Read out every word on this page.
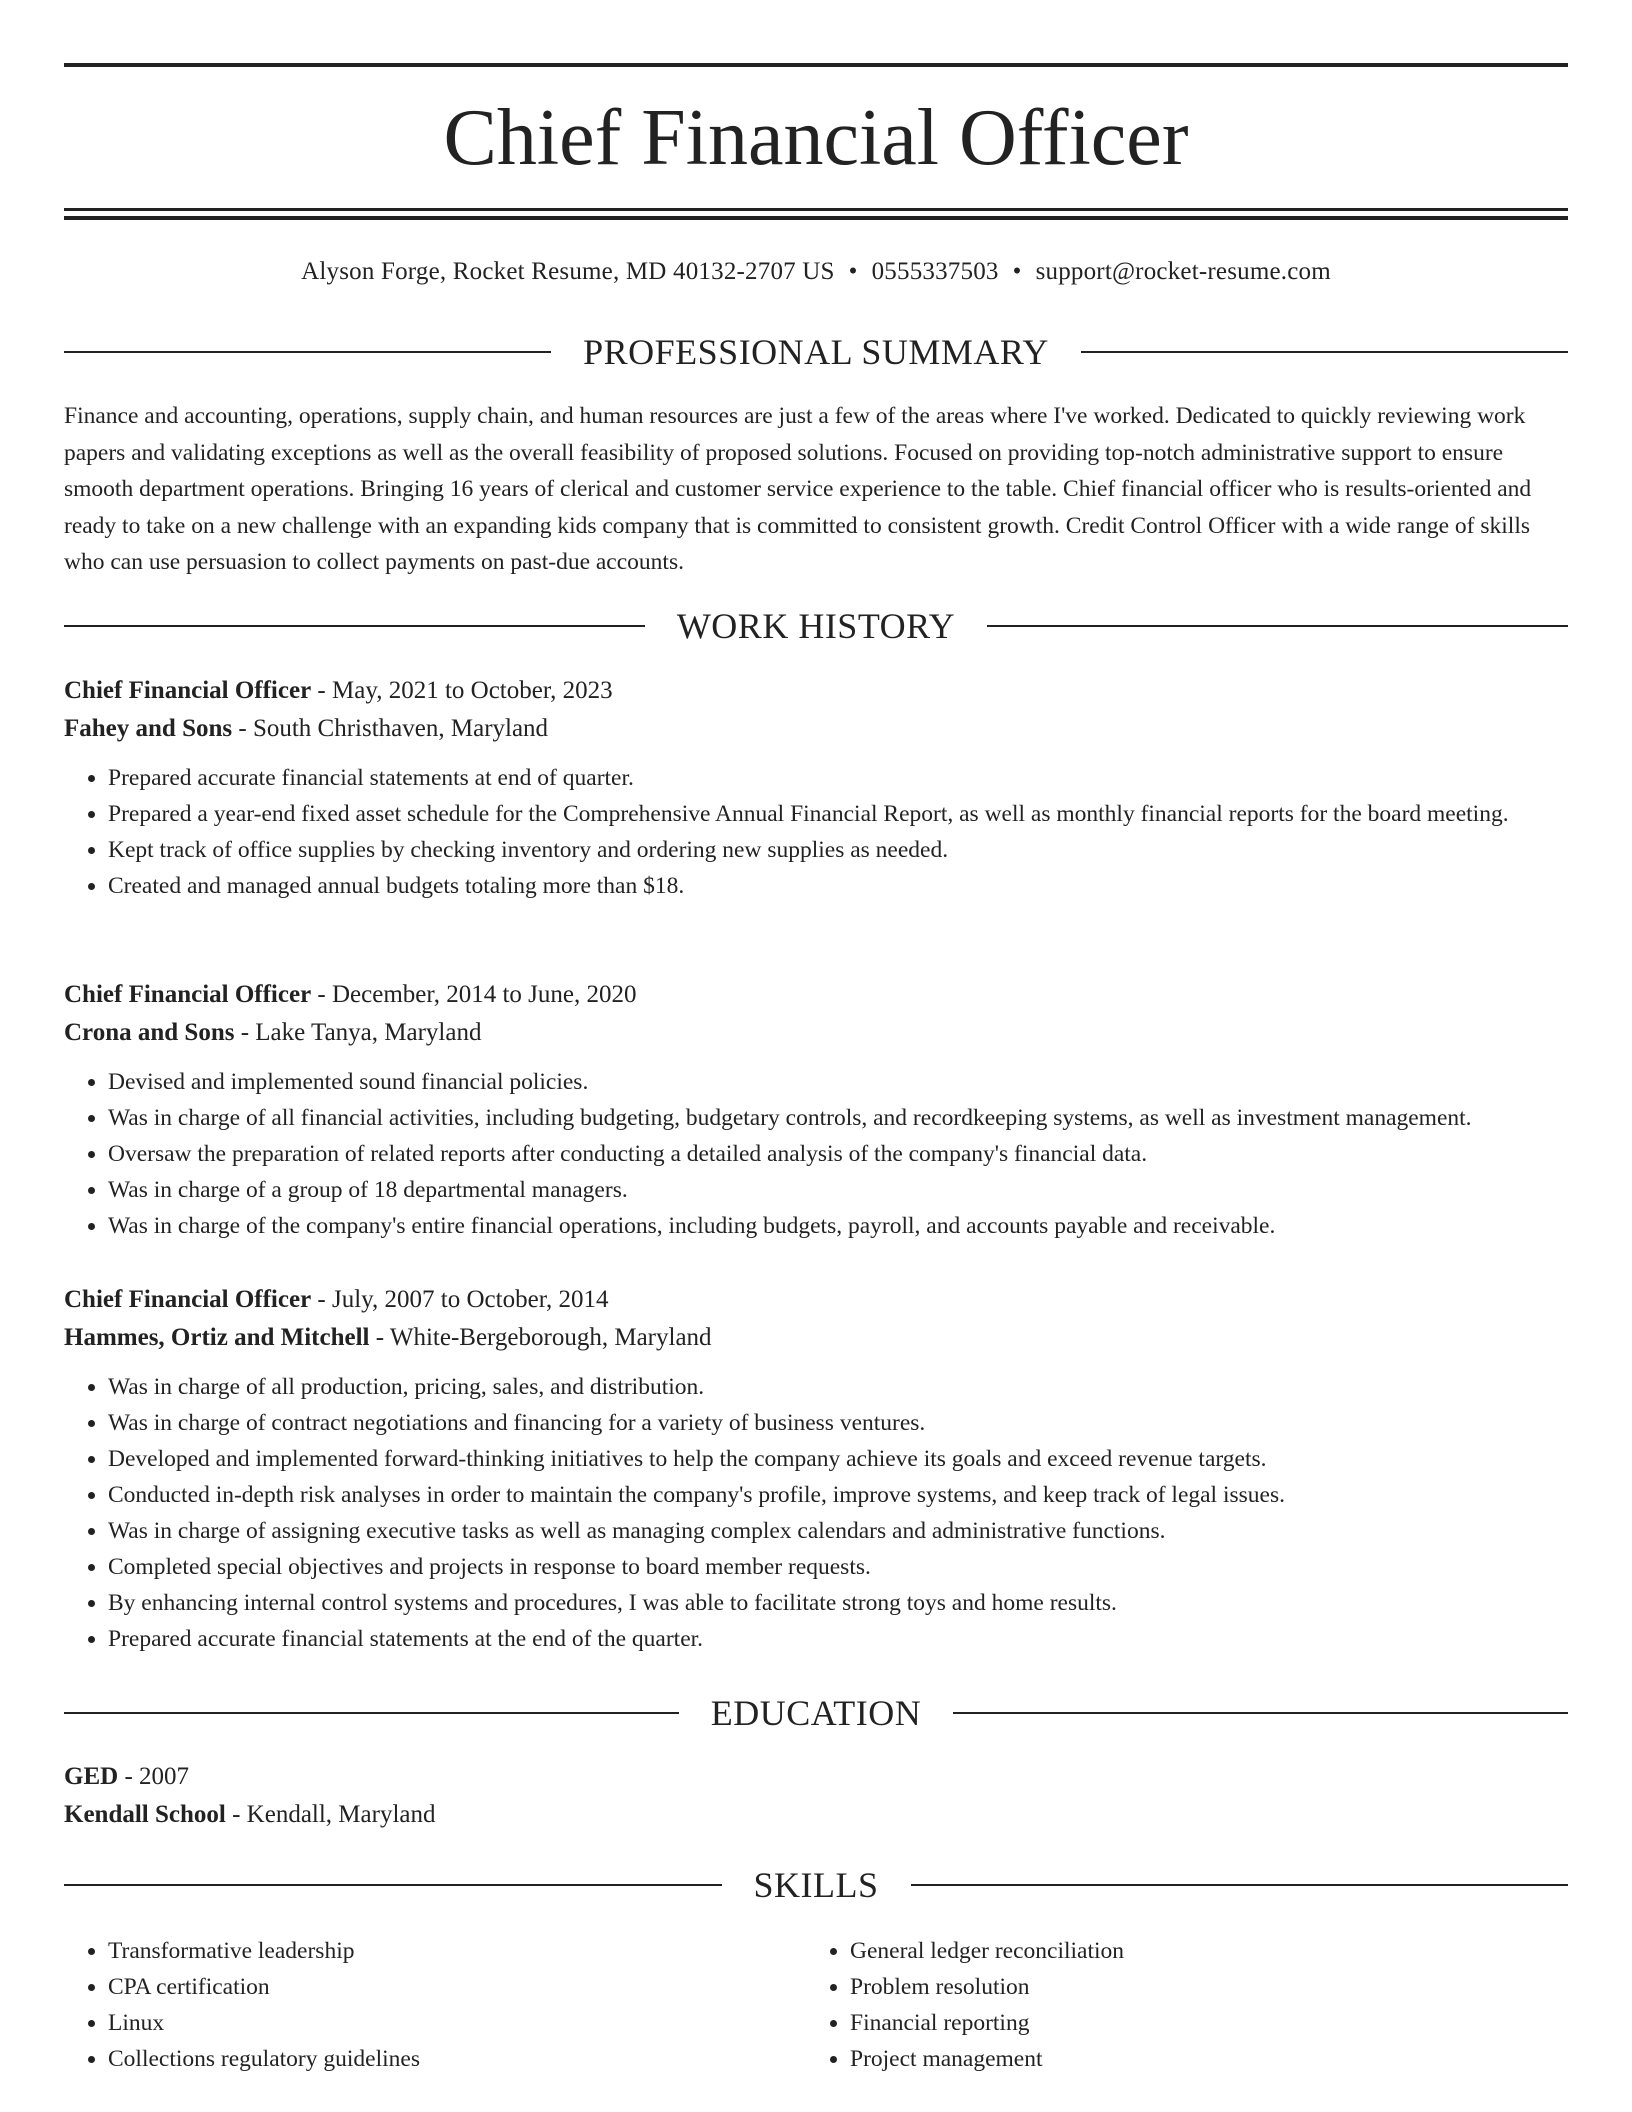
Chief Financial Officer
Alyson Forge, Rocket Resume, MD 40132-2707 US • 0555337503 • support@rocket-resume.com
PROFESSIONAL SUMMARY

Finance and accounting, operations, supply chain, and human resources are just a few of the areas where I've worked. Dedicated to quickly reviewing work papers and validating exceptions as well as the overall feasibility of proposed solutions. Focused on providing top-notch administrative support to ensure smooth department operations. Bringing 16 years of clerical and customer service experience to the table. Chief financial officer who is results-oriented and ready to take on a new challenge with an expanding kids company that is committed to consistent growth. Credit Control Officer with a wide range of skills who can use persuasion to collect payments on past-due accounts.

WORK HISTORY

Chief Financial Officer - May, 2021 to October, 2023

Fahey and Sons - South Christhaven, Maryland

• Prepared accurate financial statements at end of quarter.
• Prepared a year-end fixed asset schedule for the Comprehensive Annual Financial Report, as well as monthly financial reports for the board meeting.
• Kept track of office supplies by checking inventory and ordering new supplies as needed.
• Created and managed annual budgets totaling more than $18.

Chief Financial Officer - December, 2014 to June, 2020

Crona and Sons - Lake Tanya, Maryland

• Devised and implemented sound financial policies.
• Was in charge of all financial activities, including budgeting, budgetary controls, and recordkeeping systems, as well as investment management.
• Oversaw the preparation of related reports after conducting a detailed analysis of the company's financial data.
• Was in charge of a group of 18 departmental managers.
• Was in charge of the company's entire financial operations, including budgets, payroll, and accounts payable and receivable.

Chief Financial Officer - July, 2007 to October, 2014

Hammes, Ortiz and Mitchell - White-Bergeborough, Maryland

• Was in charge of all production, pricing, sales, and distribution.
• Was in charge of contract negotiations and financing for a variety of business ventures.
• Developed and implemented forward-thinking initiatives to help the company achieve its goals and exceed revenue targets.
• Conducted in-depth risk analyses in order to maintain the company's profile, improve systems, and keep track of legal issues.
• Was in charge of assigning executive tasks as well as managing complex calendars and administrative functions.
• Completed special objectives and projects in response to board member requests.
• By enhancing internal control systems and procedures, I was able to facilitate strong toys and home results.
• Prepared accurate financial statements at the end of the quarter.
EDUCATION

GED - 2007

Kendall School - Kendall, Maryland

SKILLS
• Transformative leadership
• CPA certification
• Linux
• Collections regulatory guidelines
• General ledger reconciliation
• Problem resolution
• Financial reporting
• Project management
